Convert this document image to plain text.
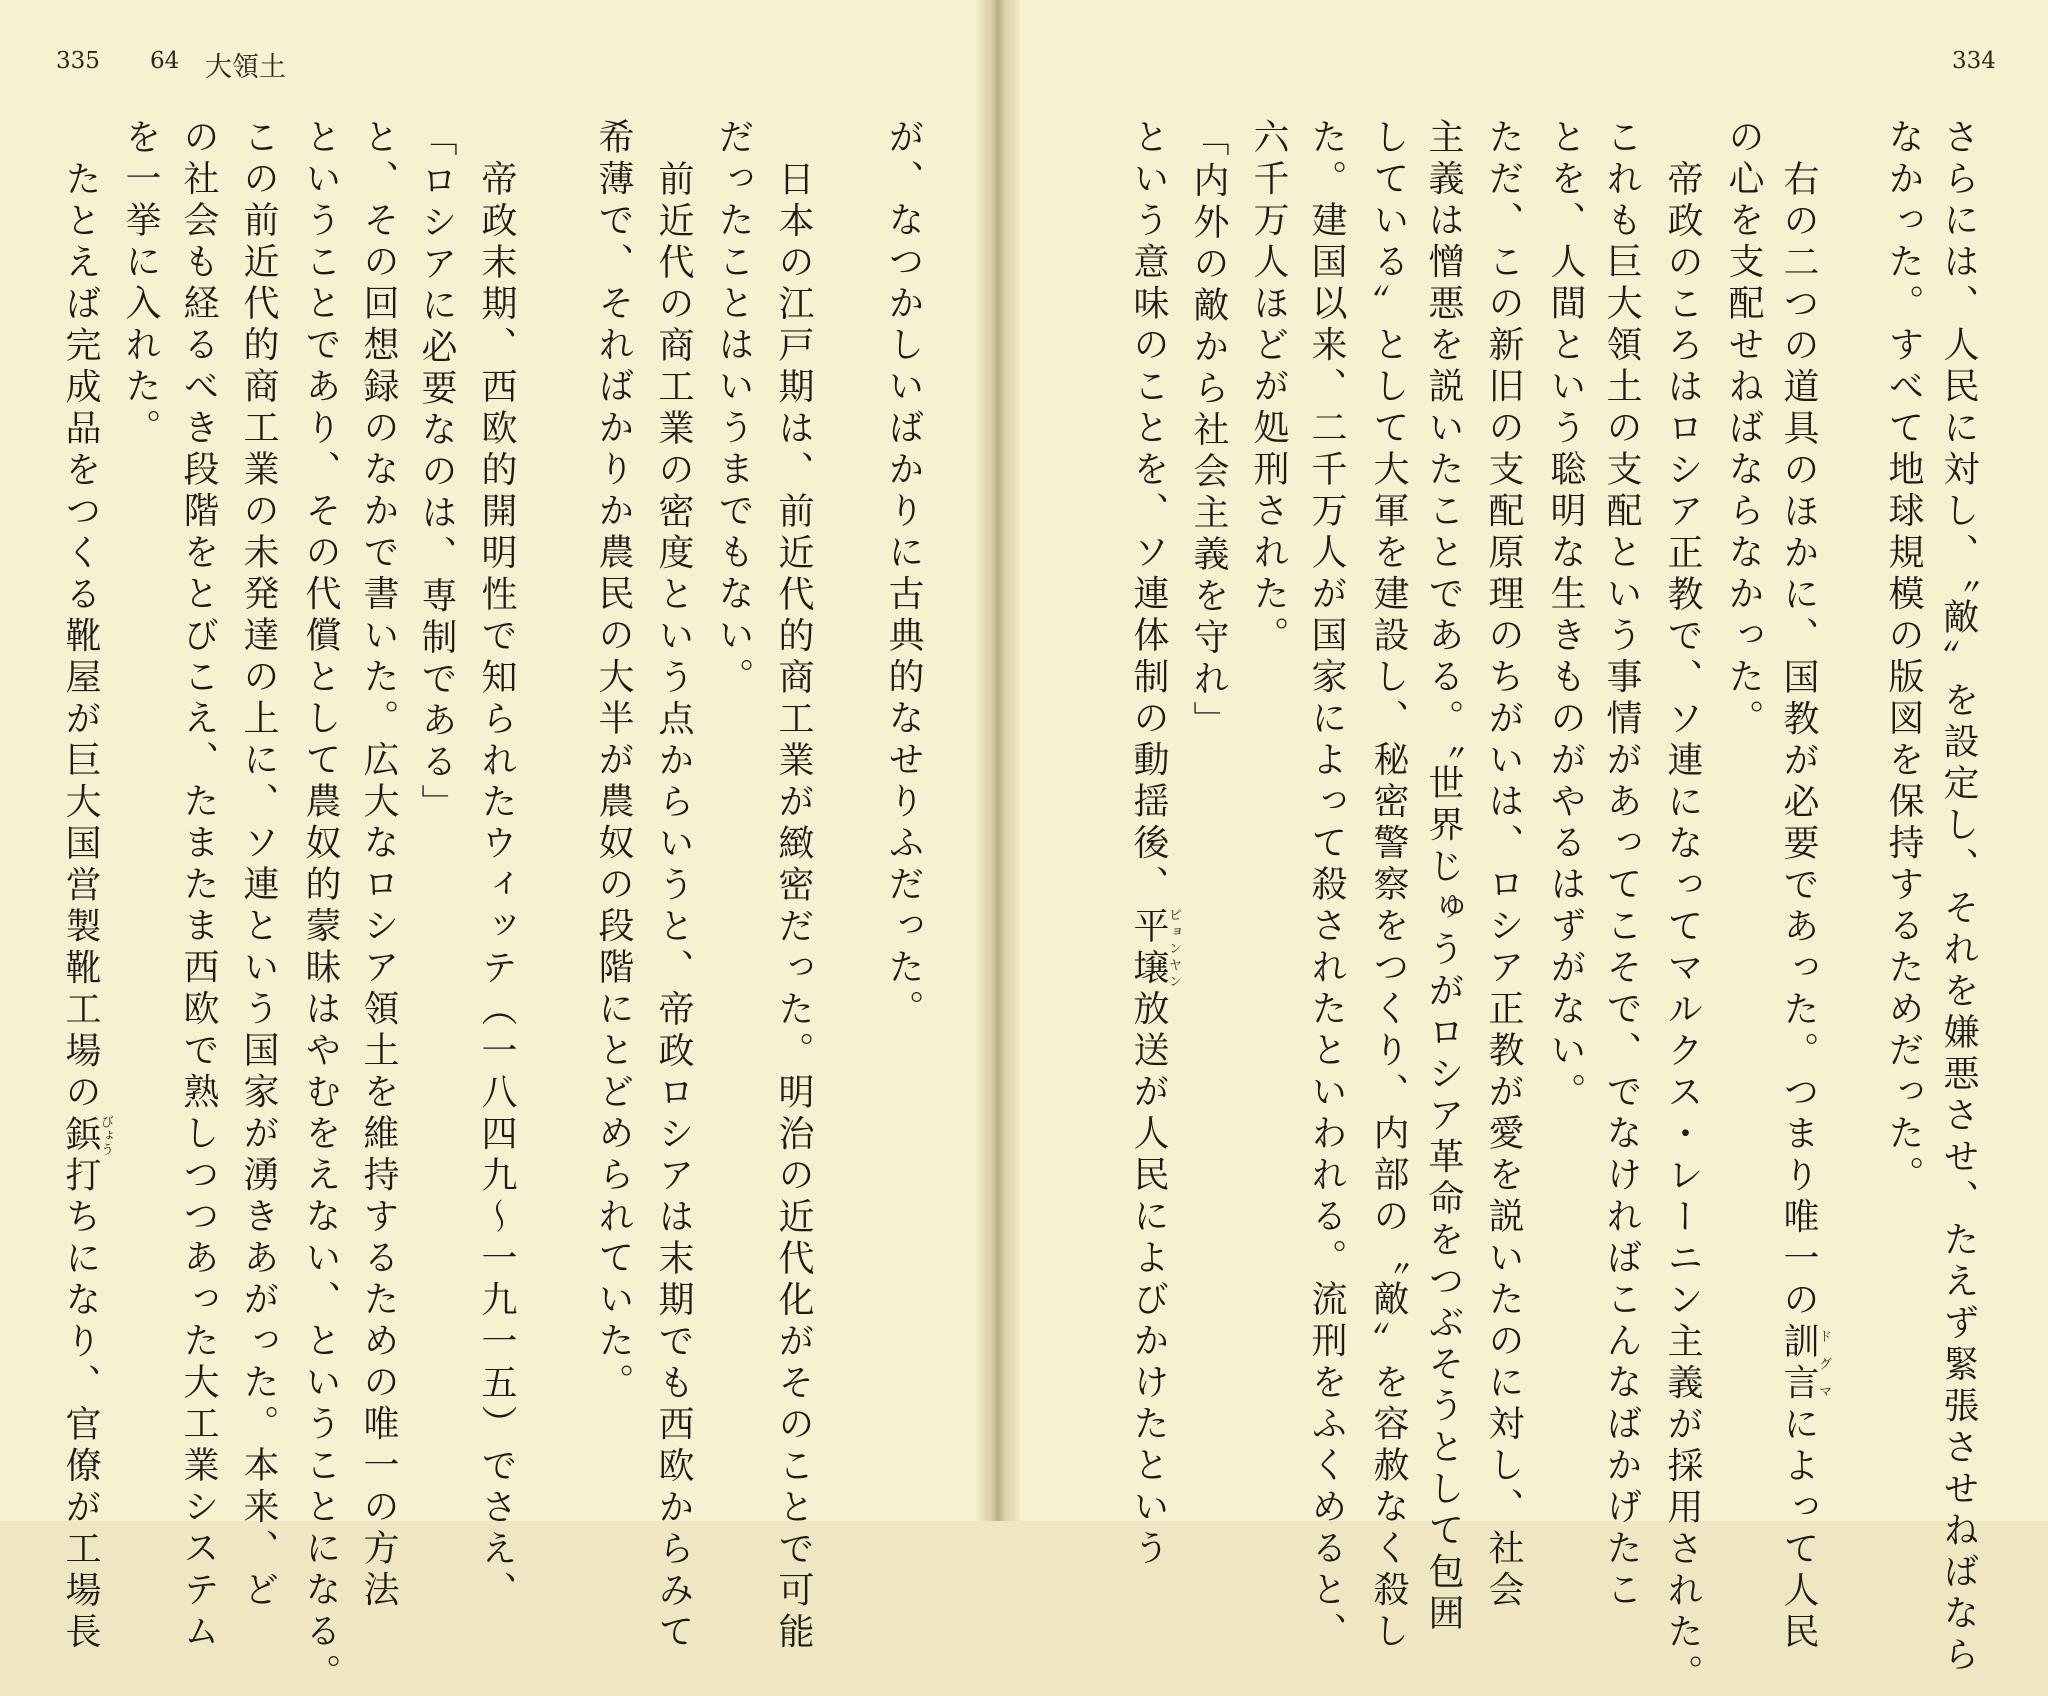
335 64 大領土	334
さらには、人民に対し、〝敵〟を設定し、それを嫌悪させ、たえず緊張させねばなら
なかった。すべて地球規模の版図を保持するためだった。
右の二つの道具のほかに、国教が必要であった。つまり唯一の訓言ドグマによって人民
の心を支配せねばならなかった。
帝政のころはロシア正教で、ソ連になってマルクス・レーニン主義が採用された。
これも巨大領土の支配という事情があってこそで、でなければこんなばかげたこ
とを、人間という聡明な生きものがやるはずがない。
ただ、この新旧の支配原理のちがいは、ロシア正教が愛を説いたのに対し、社会
主義は憎悪を説いたことである。〝世界じゅうがロシア革命をつぶそうとして包囲
している〟として大軍を建設し、秘密警察をつくり、内部の〝敵〟を容赦なく殺し
た。建国以来、二千万人が国家によって殺されたといわれる。流刑をふくめると、
六千万人ほどが処刑された。
「内外の敵から社会主義を守れ」
という意味のことを、ソ連体制の動揺後、平壌ピョンヤン放送が人民によびかけたという
が、なつかしいばかりに古典的なせりふだった。
日本の江戸期は、前近代的商工業が緻密だった。明治の近代化がそのことで可能
だったことはいうまでもない。
前近代の商工業の密度という点からいうと、帝政ロシアは末期でも西欧からみて
希薄で、そればかりか農民の大半が農奴の段階にとどめられていた。
帝政末期、西欧的開明性で知られたウィッテ（一八四九～一九一五）でさえ、
「ロシアに必要なのは、専制である」
と、その回想録のなかで書いた。広大なロシア領土を維持するための唯一の方法
ということであり、その代償として農奴的蒙昧はやむをえない、ということになる。
この前近代的商工業の未発達の上に、ソ連という国家が湧きあがった。本来、ど
の社会も経るべき段階をとびこえ、たまたま西欧で熟しつつあった大工業システム
を一挙に入れた。
たとえば完成品をつくる靴屋が巨大国営製靴工場の鋲びょう打ちになり、官僚が工場長
